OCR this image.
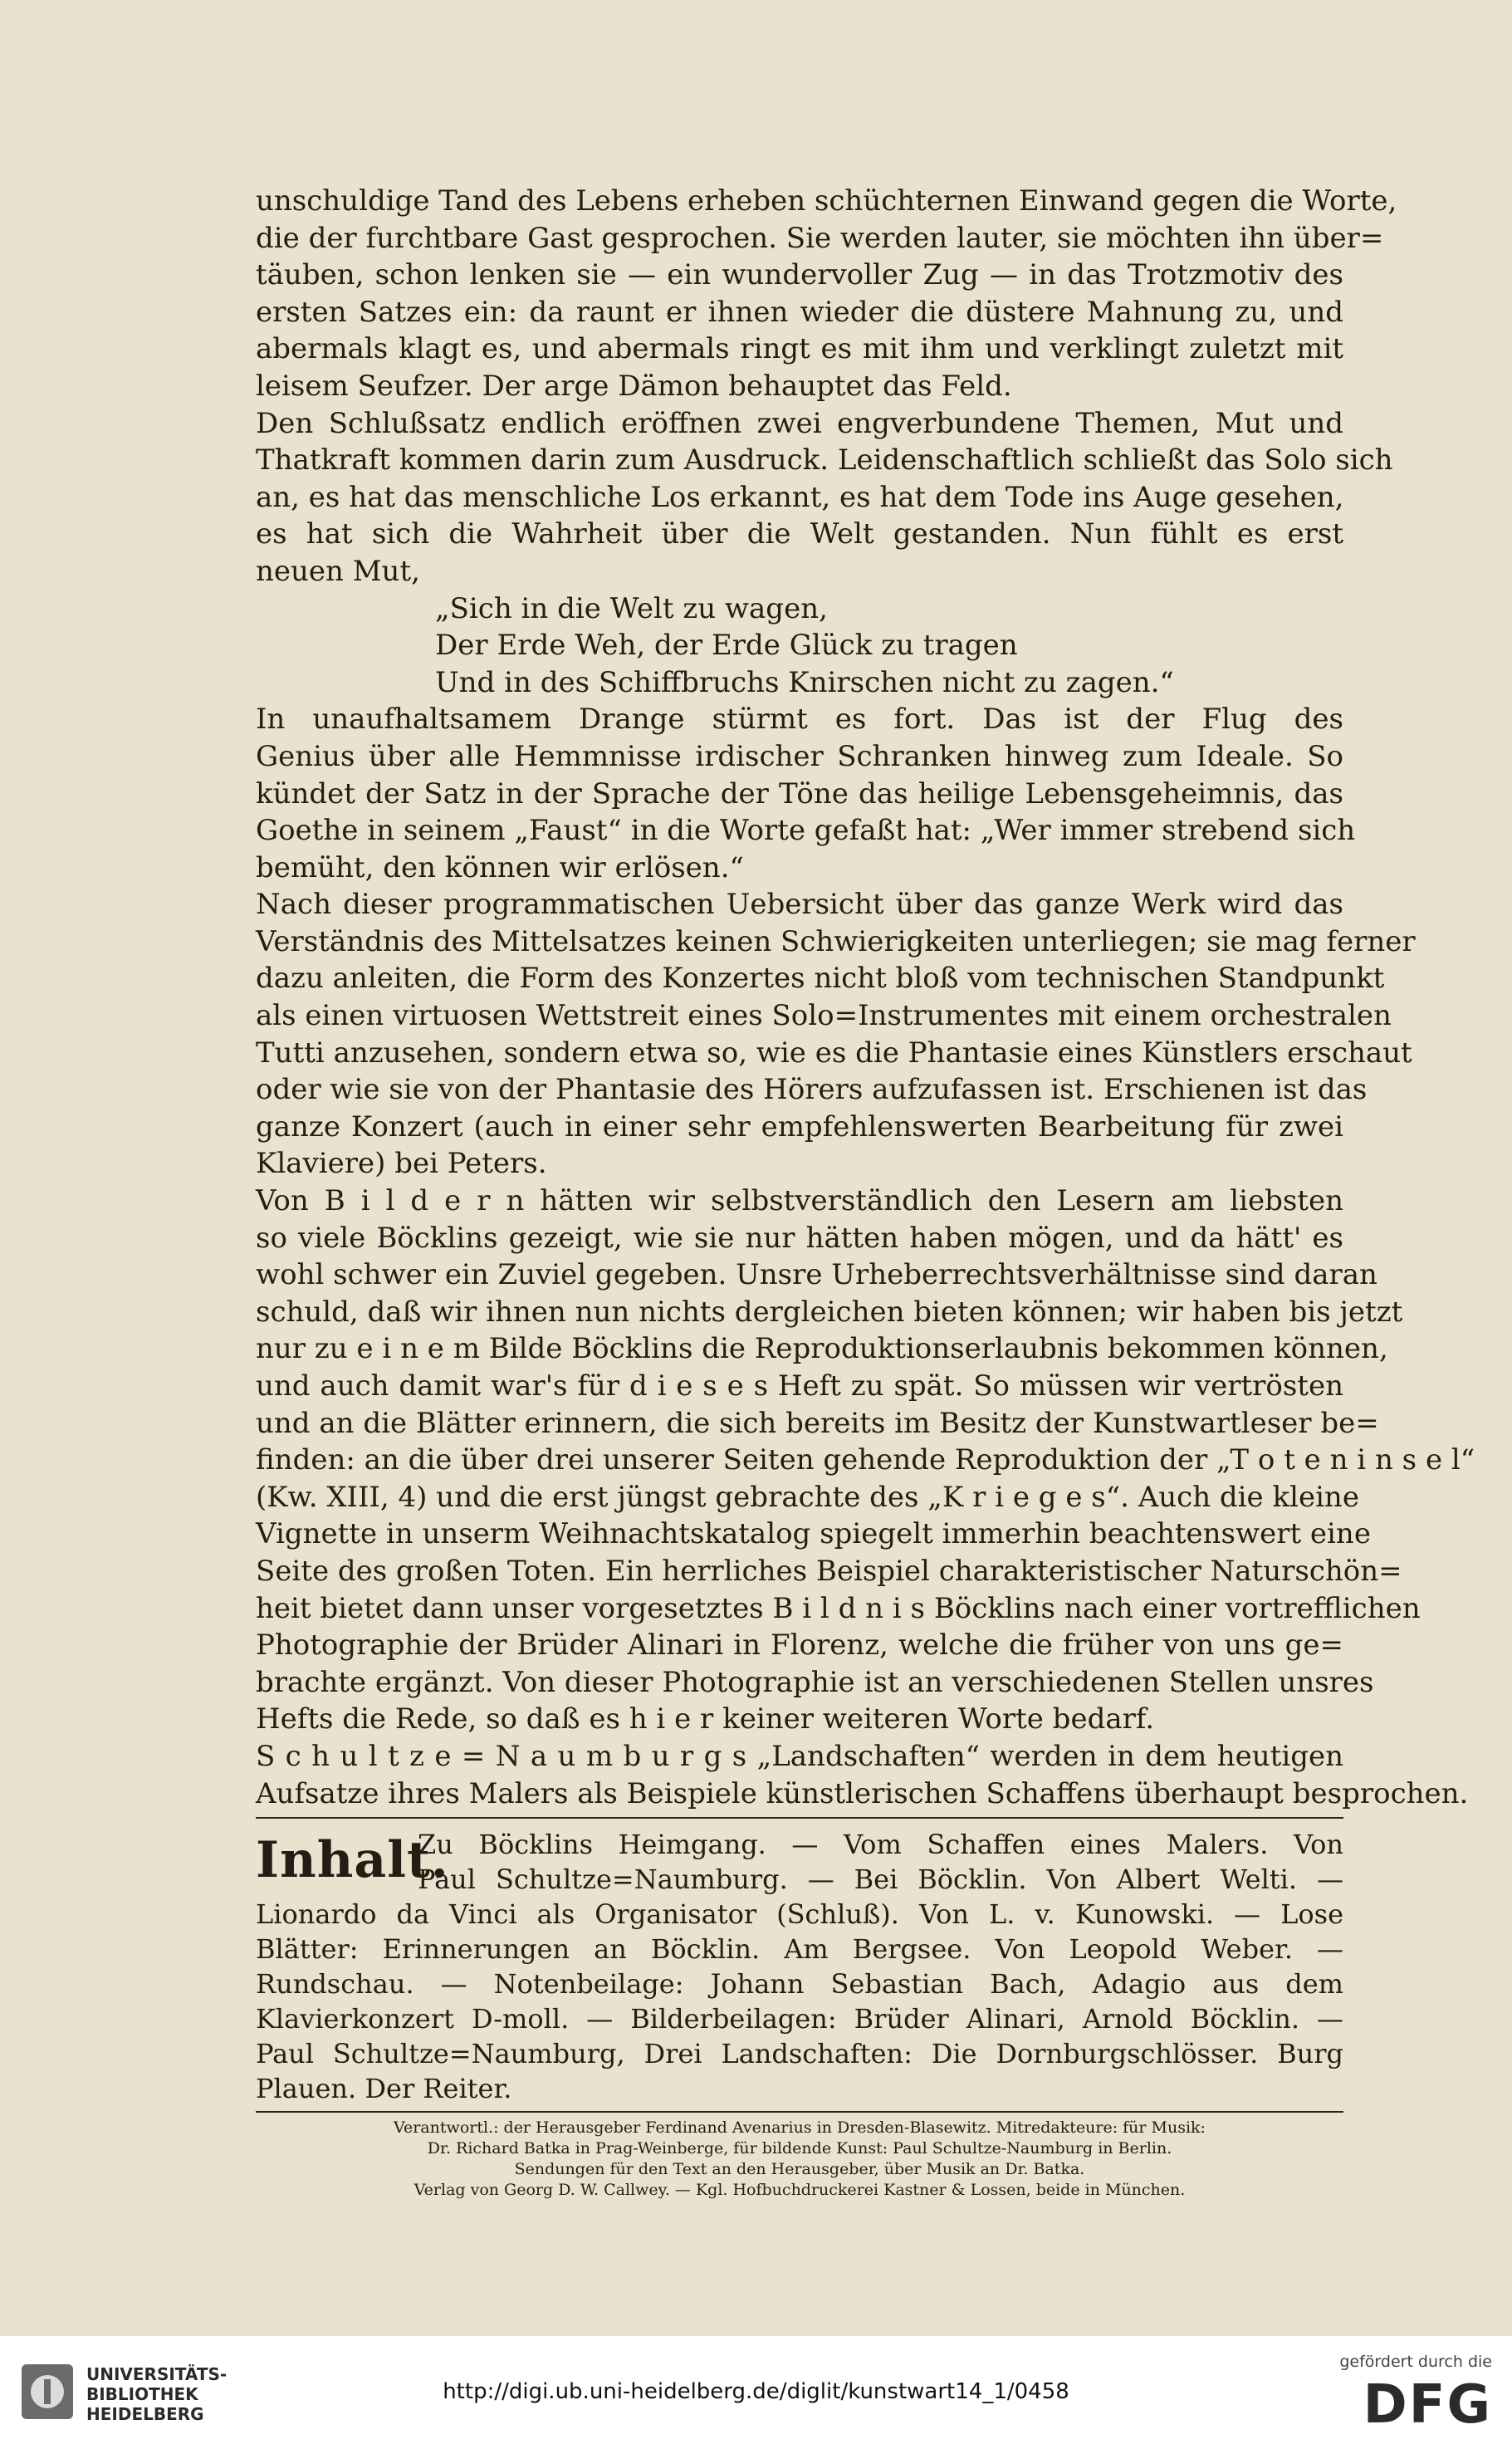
unschuldige Tand des Lebens erheben schüchternen Einwand gegen die Worte,
die der furchtbare Gast gesprochen. Sie werden lauter, sie möchten ihn über=
täuben, schon lenken sie — ein wundervoller Zug — in das Trotzmotiv des
ersten Satzes ein: da raunt er ihnen wieder die düstere Mahnung zu, und
abermals klagt es, und abermals ringt es mit ihm und verklingt zuletzt mit
leisem Seufzer. Der arge Dämon behauptet das Feld.
Den Schlußsatz endlich eröffnen zwei engverbundene Themen, Mut und
Thatkraft kommen darin zum Ausdruck. Leidenschaftlich schließt das Solo sich
an, es hat das menschliche Los erkannt, es hat dem Tode ins Auge gesehen,
es hat sich die Wahrheit über die Welt gestanden. Nun fühlt es erst
neuen Mut,
„Sich in die Welt zu wagen,
Der Erde Weh, der Erde Glück zu tragen
Und in des Schiffbruchs Knirschen nicht zu zagen.“
In unaufhaltsamem Drange stürmt es fort. Das ist der Flug des
Genius über alle Hemmnisse irdischer Schranken hinweg zum Ideale. So
kündet der Satz in der Sprache der Töne das heilige Lebensgeheimnis, das
Goethe in seinem „Faust“ in die Worte gefaßt hat: „Wer immer strebend sich
bemüht, den können wir erlösen.“
Nach dieser programmatischen Uebersicht über das ganze Werk wird das
Verständnis des Mittelsatzes keinen Schwierigkeiten unterliegen; sie mag ferner
dazu anleiten, die Form des Konzertes nicht bloß vom technischen Standpunkt
als einen virtuosen Wettstreit eines Solo=Instrumentes mit einem orchestralen
Tutti anzusehen, sondern etwa so, wie es die Phantasie eines Künstlers erschaut
oder wie sie von der Phantasie des Hörers aufzufassen ist. Erschienen ist das
ganze Konzert (auch in einer sehr empfehlenswerten Bearbeitung für zwei
Klaviere) bei Peters.
Von B i l d e r n hätten wir selbstverständlich den Lesern am liebsten
so viele Böcklins gezeigt, wie sie nur hätten haben mögen, und da hätt' es
wohl schwer ein Zuviel gegeben. Unsre Urheberrechtsverhältnisse sind daran
schuld, daß wir ihnen nun nichts dergleichen bieten können; wir haben bis jetzt
nur zu e i n e m Bilde Böcklins die Reproduktionserlaubnis bekommen können,
und auch damit war's für d i e s e s Heft zu spät. So müssen wir vertrösten
und an die Blätter erinnern, die sich bereits im Besitz der Kunstwartleser be=
finden: an die über drei unserer Seiten gehende Reproduktion der „T o t e n i n s e l“
(Kw. XIII, 4) und die erst jüngst gebrachte des „K r i e g e s“. Auch die kleine
Vignette in unserm Weihnachtskatalog spiegelt immerhin beachtenswert eine
Seite des großen Toten. Ein herrliches Beispiel charakteristischer Naturschön=
heit bietet dann unser vorgesetztes B i l d n i s Böcklins nach einer vortrefflichen
Photographie der Brüder Alinari in Florenz, welche die früher von uns ge=
brachte ergänzt. Von dieser Photographie ist an verschiedenen Stellen unsres
Hefts die Rede, so daß es h i e r keiner weiteren Worte bedarf.
S c h u l t z e = N a u m b u r g s „Landschaften“ werden in dem heutigen
Aufsatze ihres Malers als Beispiele künstlerischen Schaffens überhaupt besprochen.
Inhalt.
Zu Böcklins Heimgang. — Vom Schaffen eines Malers. Von
Paul Schultze=Naumburg. — Bei Böcklin. Von Albert Welti. —
Lionardo da Vinci als Organisator (Schluß). Von L. v. Kunowski. — Lose
Blätter: Erinnerungen an Böcklin. Am Bergsee. Von Leopold Weber. —
Rundschau. — Notenbeilage: Johann Sebastian Bach, Adagio aus dem
Klavierkonzert D-moll. — Bilderbeilagen: Brüder Alinari, Arnold Böcklin. —
Paul Schultze=Naumburg, Drei Landschaften: Die Dornburgschlösser. Burg
Plauen. Der Reiter.
Verantwortl.: der Herausgeber Ferdinand Avenarius in Dresden-Blasewitz. Mitredakteure: für Musik:
Dr. Richard Batka in Prag-Weinberge, für bildende Kunst: Paul Schultze-Naumburg in Berlin.
Sendungen für den Text an den Herausgeber, über Musik an Dr. Batka.
Verlag von Georg D. W. Callwey. — Kgl. Hofbuchdruckerei Kastner & Lossen, beide in München.
UNIVERSITÄTS-
BIBLIOTHEK
HEIDELBERG
http://digi.ub.uni-heidelberg.de/diglit/kunstwart14_1/0458
gefördert durch die
DFG
